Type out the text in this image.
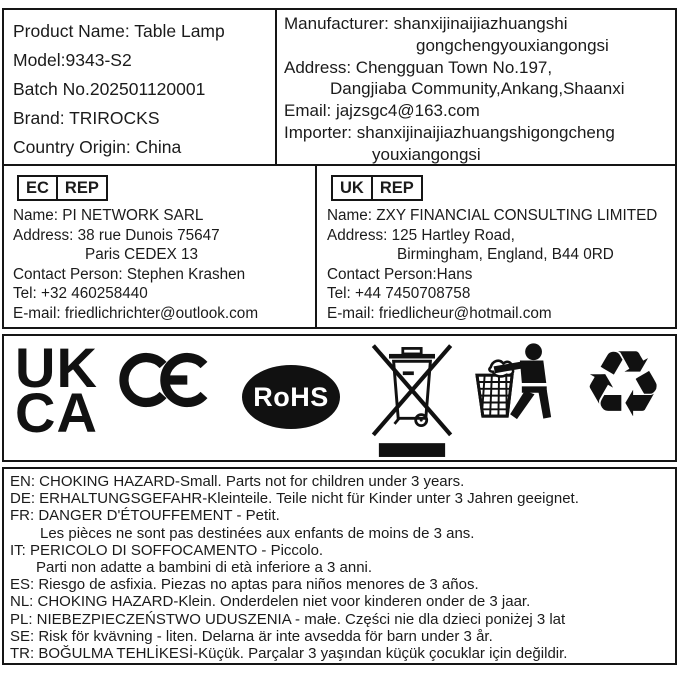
Product Name: Table Lamp
Model:9343-S2
Batch No.202501120001
Brand: TRIROCKS
Country Origin: China
Manufacturer: shanxijinaijiazhuangshi
gongchengyouxiangongsi
Address: Chengguan Town No.197,
Dangjiaba Community,Ankang,Shaanxi
Email: jajzsgc4@163.com
Importer: shanxijinaijiazhuangshigongcheng
youxiangongsi
EC REP
Name: PI NETWORK SARL
Address: 38 rue Dunois 75647
Paris CEDEX 13
Contact Person: Stephen Krashen
Tel: +32 460258440
E-mail: friedlichrichter@outlook.com
UK REP
Name: ZXY FINANCIAL CONSULTING LIMITED
Address: 125 Hartley Road,
Birmingham, England, B44 0RD
Contact Person:Hans
Tel: +44 7450708758
E-mail: friedlicheur@hotmail.com
UK
CA	RoHS	♻
EN: CHOKING HAZARD-Small. Parts not for children under 3 years.
DE: ERHALTUNGSGEFAHR-Kleinteile. Teile nicht für Kinder unter 3 Jahren geeignet.
FR: DANGER D'ÉTOUFFEMENT - Petit.
Les pièces ne sont pas destinées aux enfants de moins de 3 ans.
IT: PERICOLO DI SOFFOCAMENTO - Piccolo.
Parti non adatte a bambini di età inferiore a 3 anni.
ES: Riesgo de asfixia. Piezas no aptas para niños menores de 3 años.
NL: CHOKING HAZARD-Klein. Onderdelen niet voor kinderen onder de 3 jaar.
PL: NIEBEZPIECZEŃSTWO UDUSZENIA - małe. Części nie dla dzieci poniżej 3 lat
SE: Risk för kvävning - liten. Delarna är inte avsedda för barn under 3 år.
TR: BOĞULMA TEHLİKESİ-Küçük. Parçalar 3 yaşından küçük çocuklar için değildir.
